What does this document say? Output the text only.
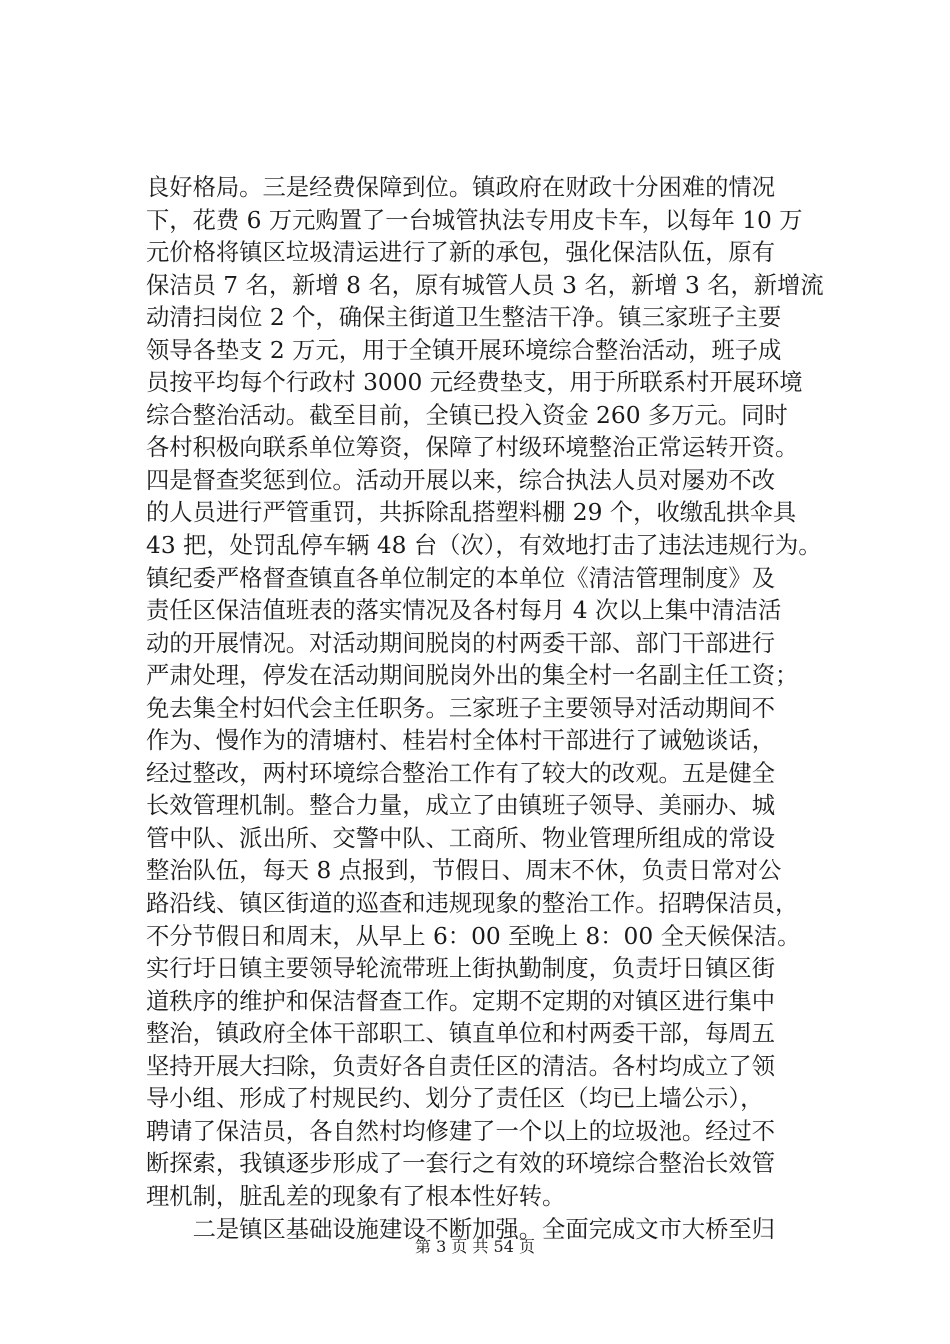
良好格局。三是经费保障到位。镇政府在财政十分困难的情况
下，花费 6 万元购置了一台城管执法专用皮卡车，以每年 10 万
元价格将镇区垃圾清运进行了新的承包，强化保洁队伍，原有
保洁员 7 名，新增 8 名，原有城管人员 3 名，新增 3 名，新增流
动清扫岗位 2 个，确保主街道卫生整洁干净。镇三家班子主要
领导各垫支 2 万元，用于全镇开展环境综合整治活动，班子成
员按平均每个行政村 3000 元经费垫支，用于所联系村开展环境
综合整治活动。截至目前，全镇已投入资金 260 多万元。同时
各村积极向联系单位筹资，保障了村级环境整治正常运转开资。
四是督查奖惩到位。活动开展以来，综合执法人员对屡劝不改
的人员进行严管重罚，共拆除乱搭塑料棚 29 个，收缴乱拱伞具
43 把，处罚乱停车辆 48 台（次），有效地打击了违法违规行为。
镇纪委严格督查镇直各单位制定的本单位《清洁管理制度》及
责任区保洁值班表的落实情况及各村每月 4 次以上集中清洁活
动的开展情况。对活动期间脱岗的村两委干部、部门干部进行
严肃处理，停发在活动期间脱岗外出的集全村一名副主任工资；
免去集全村妇代会主任职务。三家班子主要领导对活动期间不
作为、慢作为的清塘村、桂岩村全体村干部进行了诫勉谈话，
经过整改，两村环境综合整治工作有了较大的改观。五是健全
长效管理机制。整合力量，成立了由镇班子领导、美丽办、城
管中队、派出所、交警中队、工商所、物业管理所组成的常设
整治队伍，每天 8 点报到，节假日、周末不休，负责日常对公
路沿线、镇区街道的巡查和违规现象的整治工作。招聘保洁员，
不分节假日和周末，从早上 6：00 至晚上 8：00 全天候保洁。
实行圩日镇主要领导轮流带班上街执勤制度，负责圩日镇区街
道秩序的维护和保洁督查工作。定期不定期的对镇区进行集中
整治，镇政府全体干部职工、镇直单位和村两委干部，每周五
坚持开展大扫除，负责好各自责任区的清洁。各村均成立了领
导小组、形成了村规民约、划分了责任区（均已上墙公示），
聘请了保洁员，各自然村均修建了一个以上的垃圾池。经过不
断探索，我镇逐步形成了一套行之有效的环境综合整治长效管
理机制，脏乱差的现象有了根本性好转。
　　二是镇区基础设施建设不断加强。全面完成文市大桥至归
第 3 页 共 54 页
